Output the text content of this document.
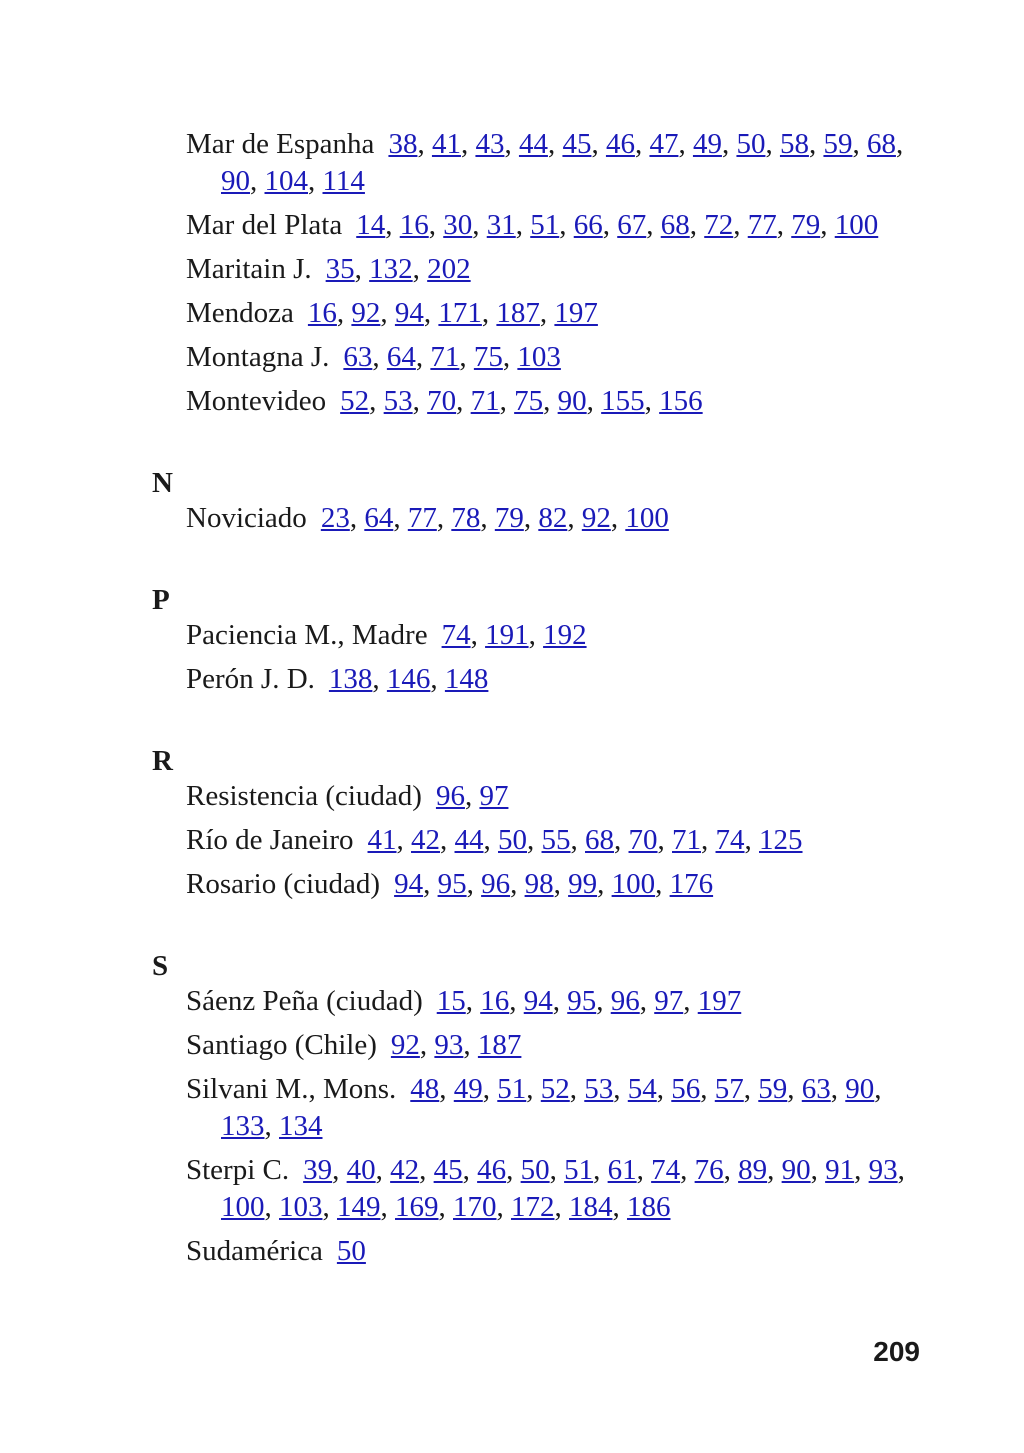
Mar de Espanha 38, 41, 43, 44, 45, 46, 47, 49, 50, 58, 59, 68, 90, 104, 114
Mar del Plata 14, 16, 30, 31, 51, 66, 67, 68, 72, 77, 79, 100
Maritain J. 35, 132, 202
Mendoza 16, 92, 94, 171, 187, 197
Montagna J. 63, 64, 71, 75, 103
Montevideo 52, 53, 70, 71, 75, 90, 155, 156
N
Noviciado 23, 64, 77, 78, 79, 82, 92, 100
P
Paciencia M., Madre 74, 191, 192
Perón J. D. 138, 146, 148
R
Resistencia (ciudad) 96, 97
Río de Janeiro 41, 42, 44, 50, 55, 68, 70, 71, 74, 125
Rosario (ciudad) 94, 95, 96, 98, 99, 100, 176
S
Sáenz Peña (ciudad) 15, 16, 94, 95, 96, 97, 197
Santiago (Chile) 92, 93, 187
Silvani M., Mons. 48, 49, 51, 52, 53, 54, 56, 57, 59, 63, 90, 133, 134
Sterpi C. 39, 40, 42, 45, 46, 50, 51, 61, 74, 76, 89, 90, 91, 93, 100, 103, 149, 169, 170, 172, 184, 186
Sudamérica 50
209
